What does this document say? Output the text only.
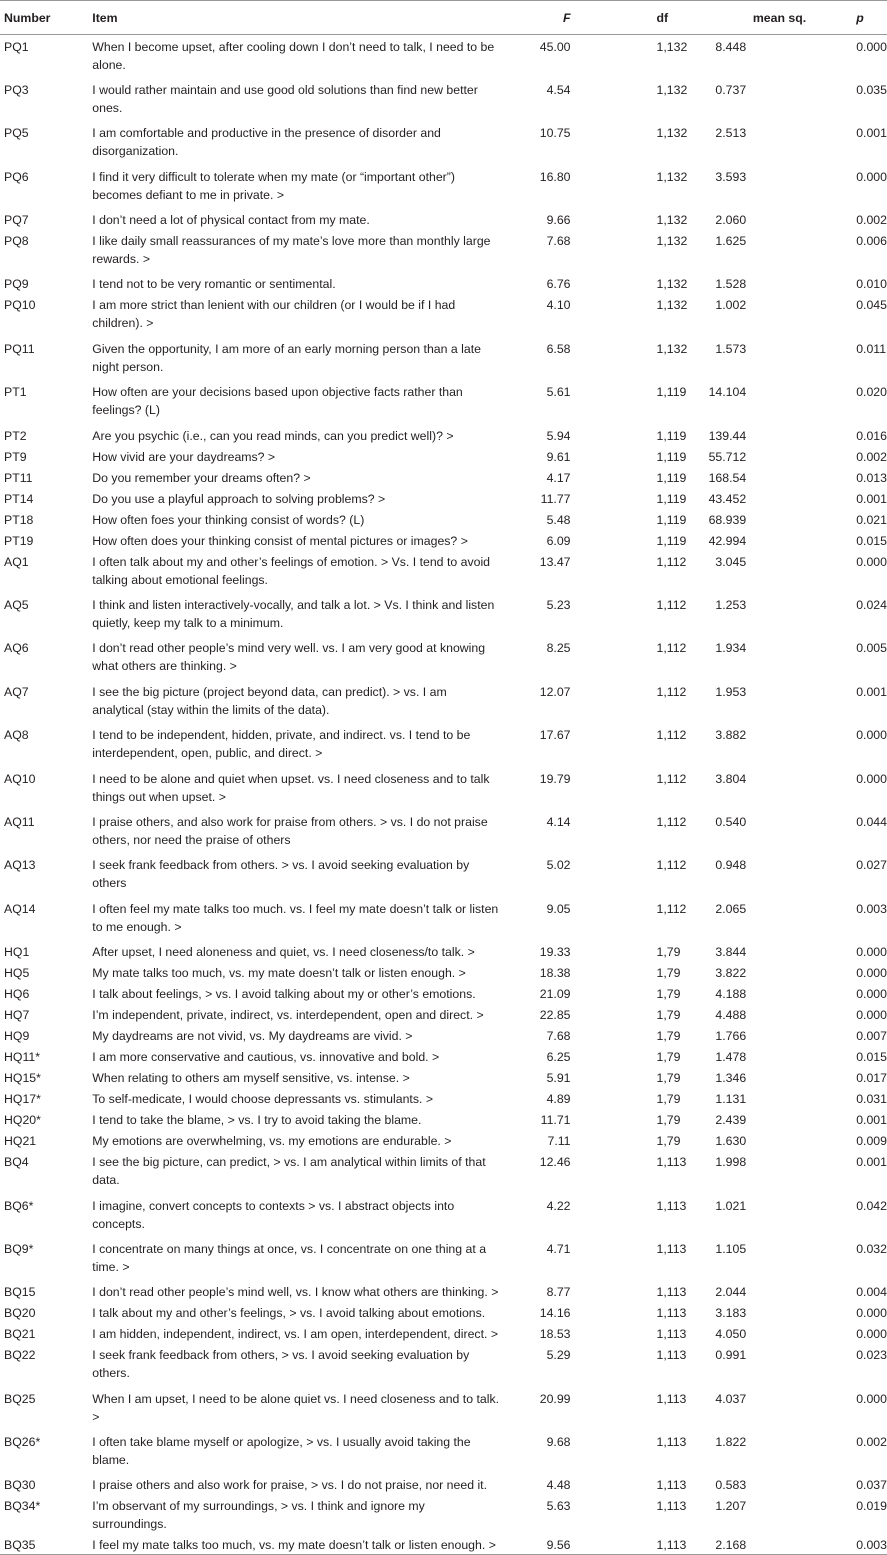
Number	Item	F	df	mean sq.	p
PQ1	When I become upset, after cooling down I don’t need to talk, I need to be alone.	45.00	1,132	8.448	0.000
PQ3	I would rather maintain and use good old solutions than find new better ones.	4.54	1,132	0.737	0.035
PQ5	I am comfortable and productive in the presence of disorder and disorganization.	10.75	1,132	2.513	0.001
PQ6	I find it very difficult to tolerate when my mate (or “important other”) becomes defiant to me in private. >	16.80	1,132	3.593	0.000
PQ7	I don’t need a lot of physical contact from my mate.	9.66	1,132	2.060	0.002
PQ8	I like daily small reassurances of my mate’s love more than monthly large rewards. >	7.68	1,132	1.625	0.006
PQ9	I tend not to be very romantic or sentimental.	6.76	1,132	1.528	0.010
PQ10	I am more strict than lenient with our children (or I would be if I had children). >	4.10	1,132	1.002	0.045
PQ11	Given the opportunity, I am more of an early morning person than a late night person.	6.58	1,132	1.573	0.011
PT1	How often are your decisions based upon objective facts rather than feelings? (L)	5.61	1,119	14.104	0.020
PT2	Are you psychic (i.e., can you read minds, can you predict well)? >	5.94	1,119	139.44	0.016
PT9	How vivid are your daydreams? >	9.61	1,119	55.712	0.002
PT11	Do you remember your dreams often? >	4.17	1,119	168.54	0.013
PT14	Do you use a playful approach to solving problems? >	11.77	1,119	43.452	0.001
PT18	How often foes your thinking consist of words? (L)	5.48	1,119	68.939	0.021
PT19	How often does your thinking consist of mental pictures or images? >	6.09	1,119	42.994	0.015
AQ1	I often talk about my and other’s feelings of emotion. > Vs. I tend to avoid talking about emotional feelings.	13.47	1,112	3.045	0.000
AQ5	I think and listen interactively-vocally, and talk a lot. > Vs. I think and listen quietly, keep my talk to a minimum.	5.23	1,112	1.253	0.024
AQ6	I don’t read other people’s mind very well. vs. I am very good at knowing what others are thinking. >	8.25	1,112	1.934	0.005
AQ7	I see the big picture (project beyond data, can predict). > vs. I am analytical (stay within the limits of the data).	12.07	1,112	1.953	0.001
AQ8	I tend to be independent, hidden, private, and indirect. vs. I tend to be interdependent, open, public, and direct. >	17.67	1,112	3.882	0.000
AQ10	I need to be alone and quiet when upset. vs. I need closeness and to talk things out when upset. >	19.79	1,112	3.804	0.000
AQ11	I praise others, and also work for praise from others. > vs. I do not praise others, nor need the praise of others	4.14	1,112	0.540	0.044
AQ13	I seek frank feedback from others. > vs. I avoid seeking evaluation by others	5.02	1,112	0.948	0.027
AQ14	I often feel my mate talks too much. vs. I feel my mate doesn’t talk or listen to me enough. >	9.05	1,112	2.065	0.003
HQ1	After upset, I need aloneness and quiet, vs. I need closeness/to talk. >	19.33	1,79	3.844	0.000
HQ5	My mate talks too much, vs. my mate doesn’t talk or listen enough. >	18.38	1,79	3.822	0.000
HQ6	I talk about feelings, > vs. I avoid talking about my or other’s emotions.	21.09	1,79	4.188	0.000
HQ7	I’m independent, private, indirect, vs. interdependent, open and direct. >	22.85	1,79	4.488	0.000
HQ9	My daydreams are not vivid, vs. My daydreams are vivid. >	7.68	1,79	1.766	0.007
HQ11*	I am more conservative and cautious, vs. innovative and bold. >	6.25	1,79	1.478	0.015
HQ15*	When relating to others am myself sensitive, vs. intense. >	5.91	1,79	1.346	0.017
HQ17*	To self-medicate, I would choose depressants vs. stimulants. >	4.89	1,79	1.131	0.031
HQ20*	I tend to take the blame, > vs. I try to avoid taking the blame.	11.71	1,79	2.439	0.001
HQ21	My emotions are overwhelming, vs. my emotions are endurable. >	7.11	1,79	1.630	0.009
BQ4	I see the big picture, can predict, > vs. I am analytical within limits of that data.	12.46	1,113	1.998	0.001
BQ6*	I imagine, convert concepts to contexts > vs. I abstract objects into concepts.	4.22	1,113	1.021	0.042
BQ9*	I concentrate on many things at once, vs. I concentrate on one thing at a time. >	4.71	1,113	1.105	0.032
BQ15	I don’t read other people’s mind well, vs. I know what others are thinking. >	8.77	1,113	2.044	0.004
BQ20	I talk about my and other’s feelings, > vs. I avoid talking about emotions.	14.16	1,113	3.183	0.000
BQ21	I am hidden, independent, indirect, vs. I am open, interdependent, direct. >	18.53	1,113	4.050	0.000
BQ22	I seek frank feedback from others, > vs. I avoid seeking evaluation by others.	5.29	1,113	0.991	0.023
BQ25	When I am upset, I need to be alone quiet vs. I need closeness and to talk. >	20.99	1,113	4.037	0.000
BQ26*	I often take blame myself or apologize, > vs. I usually avoid taking the blame.	9.68	1,113	1.822	0.002
BQ30	I praise others and also work for praise, > vs. I do not praise, nor need it.	4.48	1,113	0.583	0.037
BQ34*	I’m observant of my surroundings, > vs. I think and ignore my surroundings.	5.63	1,113	1.207	0.019
BQ35	I feel my mate talks too much, vs. my mate doesn’t talk or listen enough. >	9.56	1,113	2.168	0.003
